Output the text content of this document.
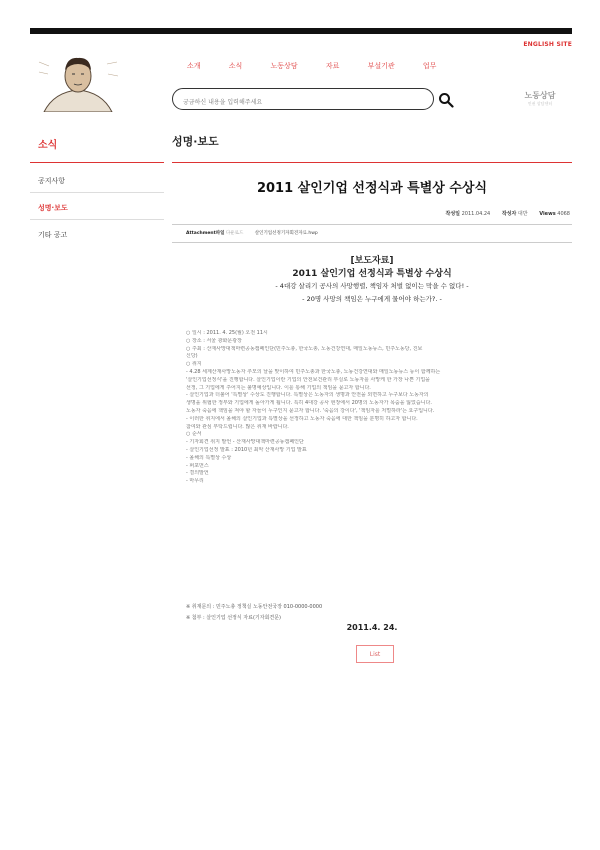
ENGLISH SITE
소개	소식	노동상담	자료	부설기관	업무
궁금하신 내용을 입력해주세요
노동상담
인권 상담센터
소식
공지사항
성명·보도
기타 공고
성명·보도
2011 살인기업 선정식과 특별상 수상식
작성일 2011.04.24 작성자 대반 Views 4068
Attachment파일 다운로드	살인기업선정기자회견자료.hwp
[보도자료]
2011 살인기업 선정식과 특별상 수상식
- 4대강 살리기 공사의 사망행렬, 책임자 처벌 없이는 막을 수 없다! -
- 20명 사망의 책임은 누구에게 물어야 하는가?. -
○ 일시 : 2011. 4. 25(월) 오전 11시
○ 장소 : 서울 광화문광장
○ 주최 : 산재사망대책마련공동캠페인단(민주노총, 한국노총, 노동건강연대, 매일노동뉴스, 민주노동당, 진보
신당)
○ 취지
- 4.28 세계산재사망노동자 추모의 날을 맞이하여 민주노총과 한국노총, 노동건강연대와 매일노동뉴스 등이 함께하는
'살인기업선정식'을 진행합니다. 살인기업이란 기업의 안전보건관리 부실로 노동자를 사망케 한 가장 나쁜 기업을
선정, 그 기업에게 주어지는 불명예상입니다. 이를 통해 기업의 책임을 묻고자 합니다.
- 살인기업과 더불어 '특별상' 수상도 진행합니다. 특별상은 노동자의 생명과 안전을 외면하고 누구보다 노동자의
생명을 위협한 정부와 기업에게 돌아가게 됩니다. 특히 4대강 공사 현장에서 20명의 노동자가 목숨을 잃었습니다.
노동자 죽음에 책임을 져야 할 자들이 누구인지 묻고자 합니다. '죽음의 강이다', '책임자를 처벌하라'는 요구입니다.
- 이러한 취지에서 올해의 살인기업과 특별상을 선정하고 노동자 죽음에 대한 책임을 분명히 하고자 합니다.
참여와 관심 부탁드립니다. 많은 취재 바랍니다.
○ 순서
- 기자회견 취지 발언 - 산재사망대책마련공동캠페인단
- 살인기업선정 발표 : 2010년 최악 산재사망 기업 발표
- 올해의 특별상 수상
- 퍼포먼스
- 결의발언
- 마무리
※ 취재문의 : 민주노총 정책실 노동안전국장 010-0000-0000
※ 첨부 : 살인기업 선정식 자료(기자회견문)
2011.4. 24.
List
